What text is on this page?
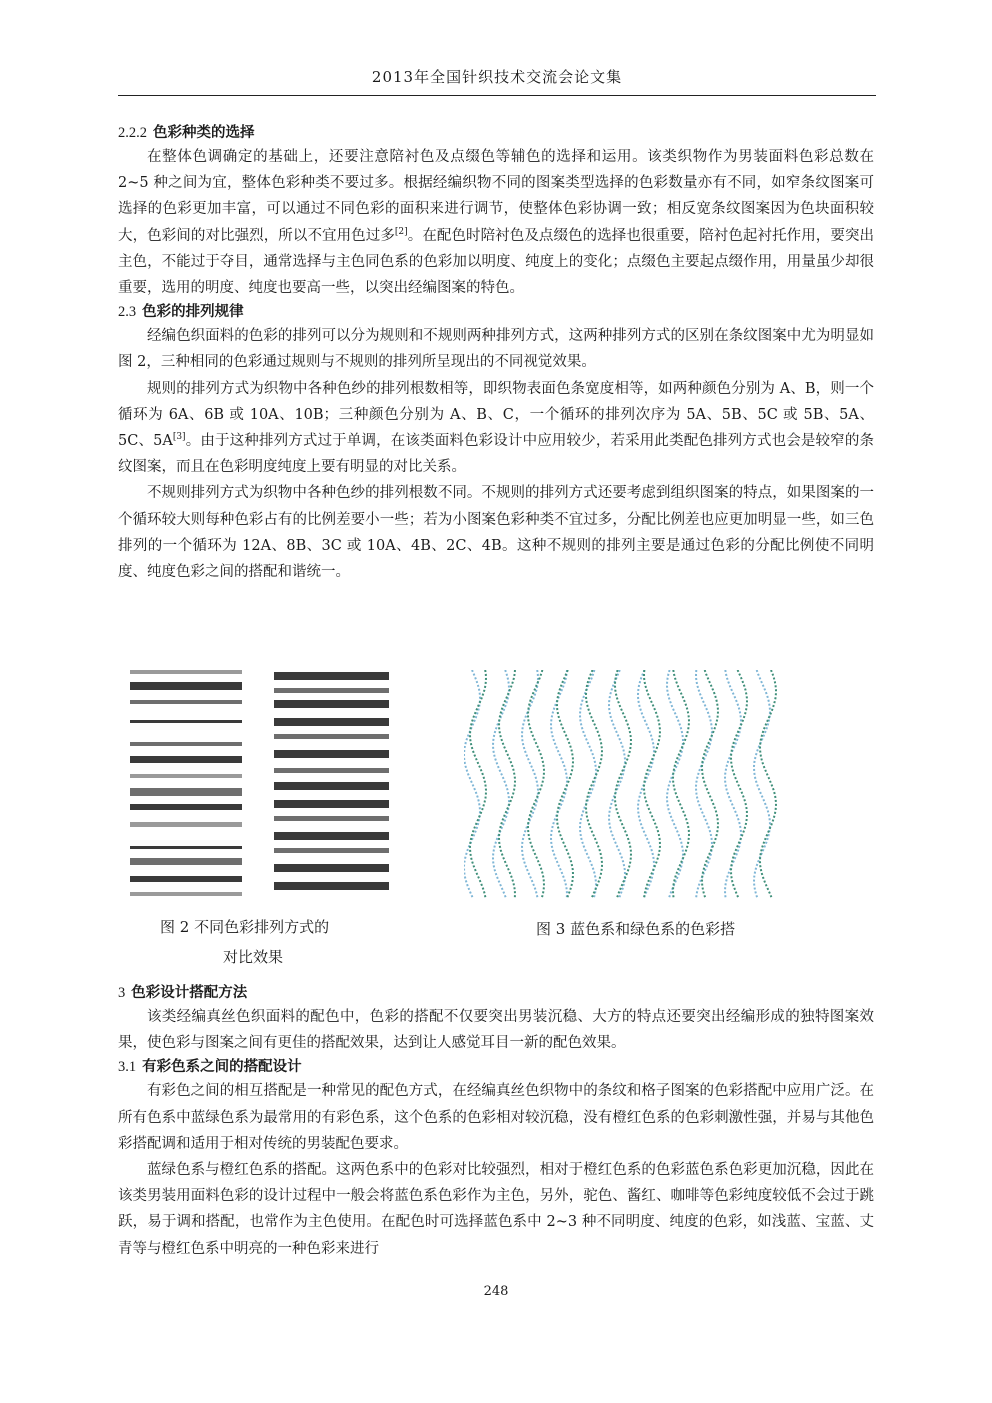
2013年全国针织技术交流会论文集

2.2.2 色彩种类的选择

在整体色调确定的基础上，还要注意陪衬色及点缀色等辅色的选择和运用。该类织物作为男装面料色彩总数在 2~5 种之间为宜，整体色彩种类不要过多。根据经编织物不同的图案类型选择的色彩数量亦有不同，如窄条纹图案可选择的色彩更加丰富，可以通过不同色彩的面积来进行调节，使整体色彩协调一致；相反宽条纹图案因为色块面积较大，色彩间的对比强烈，所以不宜用色过多[2]。在配色时陪衬色及点缀色的选择也很重要，陪衬色起衬托作用，要突出主色，不能过于夺目，通常选择与主色同色系的色彩加以明度、纯度上的变化；点缀色主要起点缀作用，用量虽少却很重要，选用的明度、纯度也要高一些，以突出经编图案的特色。

2.3 色彩的排列规律

经编色织面料的色彩的排列可以分为规则和不规则两种排列方式，这两种排列方式的区别在条纹图案中尤为明显如图 2，三种相同的色彩通过规则与不规则的排列所呈现出的不同视觉效果。

规则的排列方式为织物中各种色纱的排列根数相等，即织物表面色条宽度相等，如两种颜色分别为 A、B，则一个循环为 6A、6B 或 10A、10B；三种颜色分别为 A、B、C，一个循环的排列次序为 5A、5B、5C 或 5B、5A、5C、5A[3]。由于这种排列方式过于单调，在该类面料色彩设计中应用较少，若采用此类配色排列方式也会是较窄的条纹图案，而且在色彩明度纯度上要有明显的对比关系。

不规则排列方式为织物中各种色纱的排列根数不同。不规则的排列方式还要考虑到组织图案的特点，如果图案的一个循环较大则每种色彩占有的比例差要小一些；若为小图案色彩种类不宜过多，分配比例差也应更加明显一些，如三色排列的一个循环为 12A、8B、3C 或 10A、4B、2C、4B。这种不规则的排列主要是通过色彩的分配比例使不同明度、纯度色彩之间的搭配和谐统一。

图 2 不同色彩排列方式的
对比效果
图 3 蓝色系和绿色系的色彩搭

3 色彩设计搭配方法

该类经编真丝色织面料的配色中，色彩的搭配不仅要突出男装沉稳、大方的特点还要突出经编形成的独特图案效果，使色彩与图案之间有更佳的搭配效果，达到让人感觉耳目一新的配色效果。

3.1 有彩色系之间的搭配设计

有彩色之间的相互搭配是一种常见的配色方式，在经编真丝色织物中的条纹和格子图案的色彩搭配中应用广泛。在所有色系中蓝绿色系为最常用的有彩色系，这个色系的色彩相对较沉稳，没有橙红色系的色彩刺激性强，并易与其他色彩搭配调和适用于相对传统的男装配色要求。

蓝绿色系与橙红色系的搭配。这两色系中的色彩对比较强烈，相对于橙红色系的色彩蓝色系色彩更加沉稳，因此在该类男装用面料色彩的设计过程中一般会将蓝色系色彩作为主色，另外，驼色、酱红、咖啡等色彩纯度较低不会过于跳跃，易于调和搭配，也常作为主色使用。在配色时可选择蓝色系中 2~3 种不同明度、纯度的色彩，如浅蓝、宝蓝、丈青等与橙红色系中明亮的一种色彩来进行

248
